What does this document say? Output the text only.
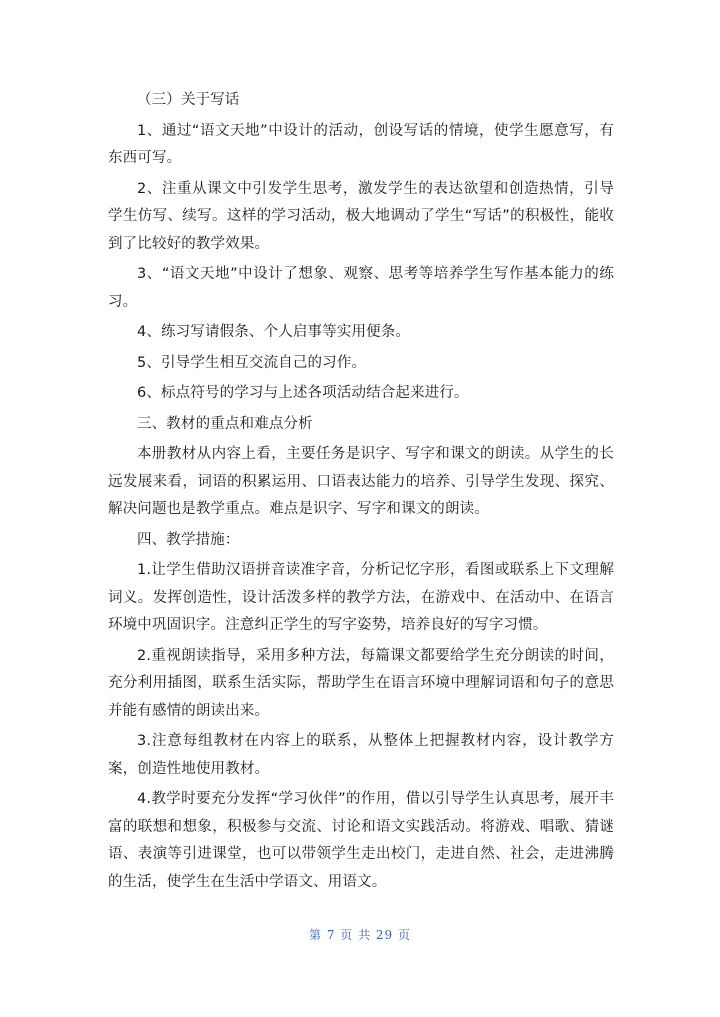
（三）关于写话

1、通过“语文天地”中设计的活动，创设写话的情境，使学生愿意写，有东西可写。

2、注重从课文中引发学生思考，激发学生的表达欲望和创造热情，引导学生仿写、续写。这样的学习活动，极大地调动了学生“写话”的积极性，能收到了比较好的教学效果。

3、“语文天地”中设计了想象、观察、思考等培养学生写作基本能力的练习。

4、练习写请假条、个人启事等实用便条。

5、引导学生相互交流自己的习作。

6、标点符号的学习与上述各项活动结合起来进行。

三、教材的重点和难点分析

本册教材从内容上看，主要任务是识字、写字和课文的朗读。从学生的长远发展来看，词语的积累运用、口语表达能力的培养、引导学生发现、探究、解决问题也是教学重点。难点是识字、写字和课文的朗读。

四、教学措施：

1.让学生借助汉语拼音读准字音，分析记忆字形，看图或联系上下文理解词义。发挥创造性，设计活泼多样的教学方法，在游戏中、在活动中、在语言环境中巩固识字。注意纠正学生的写字姿势，培养良好的写字习惯。

2.重视朗读指导，采用多种方法，每篇课文都要给学生充分朗读的时间，充分利用插图，联系生活实际，帮助学生在语言环境中理解词语和句子的意思并能有感情的朗读出来。

3.注意每组教材在内容上的联系，从整体上把握教材内容，设计教学方案，创造性地使用教材。

4.教学时要充分发挥“学习伙伴”的作用，借以引导学生认真思考，展开丰富的联想和想象，积极参与交流、讨论和语文实践活动。将游戏、唱歌、猜谜语、表演等引进课堂，也可以带领学生走出校门，走进自然、社会，走进沸腾的生活，使学生在生活中学语文、用语文。

第 7 页 共 29 页
